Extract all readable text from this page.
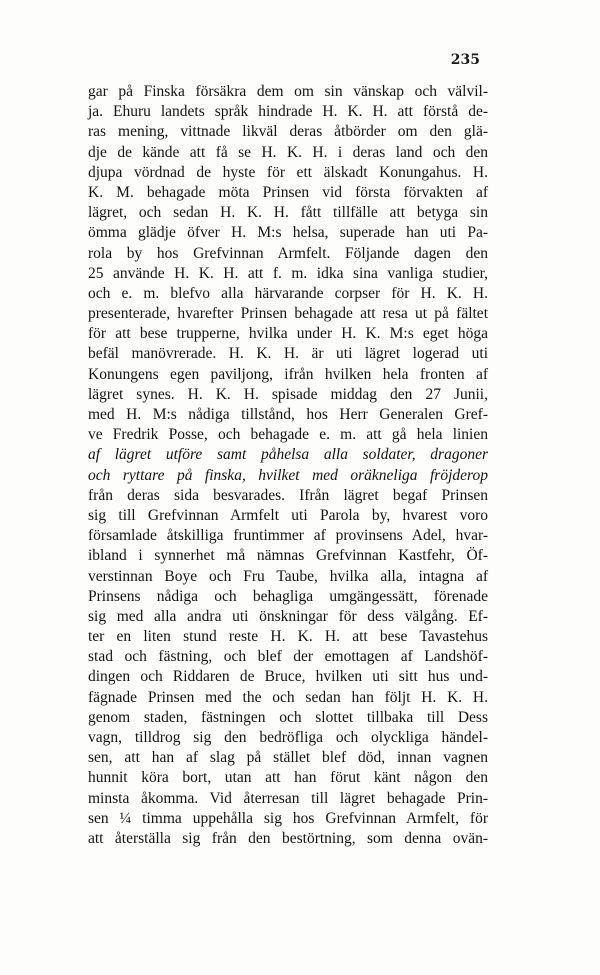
235
gar på Finska försäkra dem om sin vänskap och välvil-
ja. Ehuru landets språk hindrade H. K. H. att förstå de-
ras mening, vittnade likväl deras åtbörder om den glä-
dje de kände att få se H. K. H. i deras land och den
djupa vördnad de hyste för ett älskadt Konungahus. H.
K. M. behagade möta Prinsen vid första förvakten af
lägret, och sedan H. K. H. fått tillfälle att betyga sin
ömma glädje öfver H. M:s helsa, superade han uti Pa-
rola by hos Grefvinnan Armfelt. Följande dagen den
25 använde H. K. H. att f. m. idka sina vanliga studier,
och e. m. blefvo alla härvarande corpser för H. K. H.
presenterade, hvarefter Prinsen behagade att resa ut på fältet
för att bese trupperne, hvilka under H. K. M:s eget höga
befäl manövrerade. H. K. H. är uti lägret logerad uti
Konungens egen paviljong, ifrån hvilken hela fronten af
lägret synes. H. K. H. spisade middag den 27 Junii,
med H. M:s nådiga tillstånd, hos Herr Generalen Gref-
ve Fredrik Posse, och behagade e. m. att gå hela linien
af lägret utföre samt påhelsa alla soldater, dragoner
och ryttare på finska, hvilket med oräkneliga fröjderop
från deras sida besvarades. Ifrån lägret begaf Prinsen
sig till Grefvinnan Armfelt uti Parola by, hvarest voro
församlade åtskilliga fruntimmer af provinsens Adel, hvar-
ibland i synnerhet må nämnas Grefvinnan Kastfehr, Öf-
verstinnan Boye och Fru Taube, hvilka alla, intagna af
Prinsens nådiga och behagliga umgängessätt, förenade
sig med alla andra uti önskningar för dess välgång. Ef-
ter en liten stund reste H. K. H. att bese Tavastehus
stad och fästning, och blef der emottagen af Landshöf-
dingen och Riddaren de Bruce, hvilken uti sitt hus und-
fägnade Prinsen med the och sedan han följt H. K. H.
genom staden, fästningen och slottet tillbaka till Dess
vagn, tilldrog sig den bedröfliga och olyckliga händel-
sen, att han af slag på stället blef död, innan vagnen
hunnit köra bort, utan att han förut känt någon den
minsta åkomma. Vid återresan till lägret behagade Prin-
sen ¼ timma uppehålla sig hos Grefvinnan Armfelt, för
att återställa sig från den bestörtning, som denna ovän-
